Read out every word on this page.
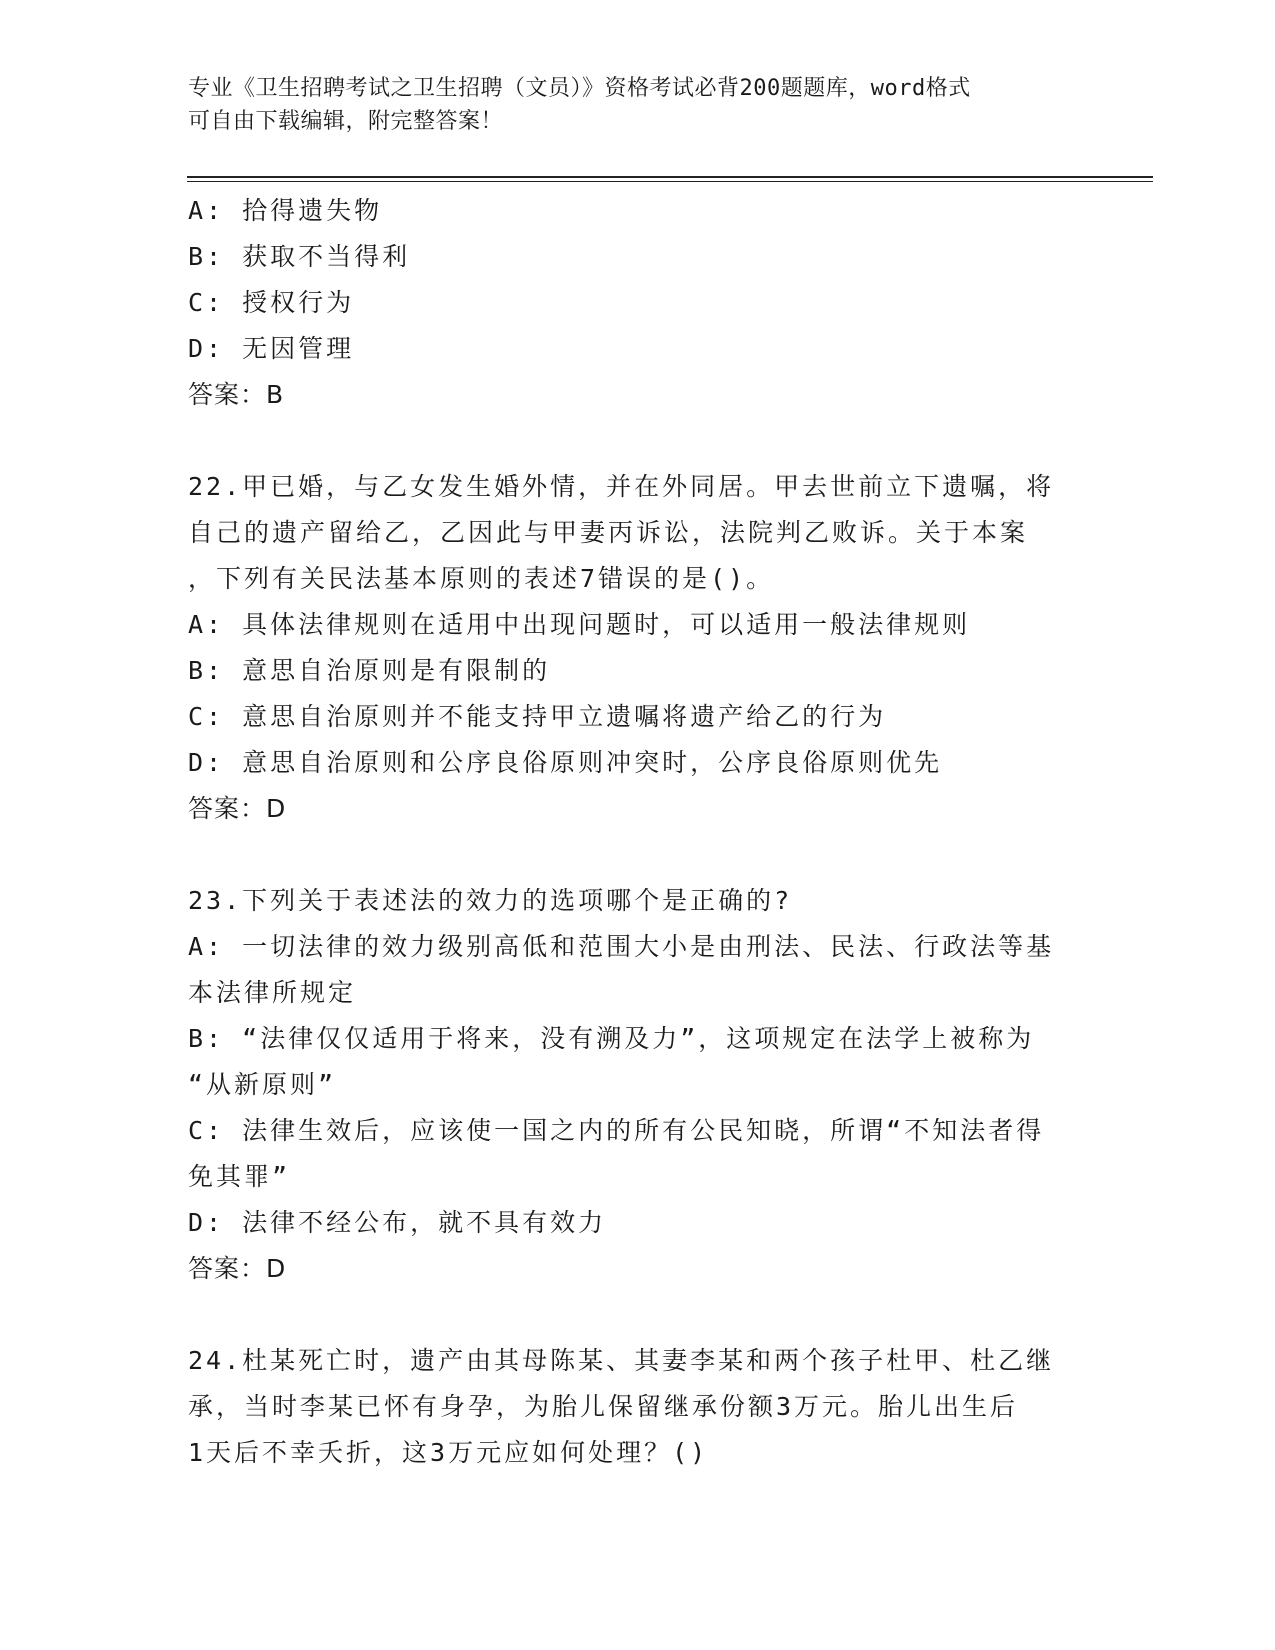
专业《卫生招聘考试之卫生招聘（文员）》资格考试必背200题题库，word格式
可自由下载编辑，附完整答案！
A: 拾得遗失物
B: 获取不当得利
C: 授权行为
D: 无因管理
答案：B
22.甲已婚，与乙女发生婚外情，并在外同居。甲去世前立下遗嘱，将
自己的遗产留给乙，乙因此与甲妻丙诉讼，法院判乙败诉。关于本案
，下列有关民法基本原则的表述7错误的是()。
A: 具体法律规则在适用中出现问题时，可以适用一般法律规则
B: 意思自治原则是有限制的
C: 意思自治原则并不能支持甲立遗嘱将遗产给乙的行为
D: 意思自治原则和公序良俗原则冲突时，公序良俗原则优先
答案：D
23.下列关于表述法的效力的选项哪个是正确的?
A: 一切法律的效力级别高低和范围大小是由刑法、民法、行政法等基
本法律所规定
B: “法律仅仅适用于将来，没有溯及力”，这项规定在法学上被称为
“从新原则”
C: 法律生效后，应该使一国之内的所有公民知晓，所谓“不知法者得
免其罪”
D: 法律不经公布，就不具有效力
答案：D
24.杜某死亡时，遗产由其母陈某、其妻李某和两个孩子杜甲、杜乙继
承，当时李某已怀有身孕，为胎儿保留继承份额3万元。胎儿出生后
1天后不幸夭折，这3万元应如何处理？()
